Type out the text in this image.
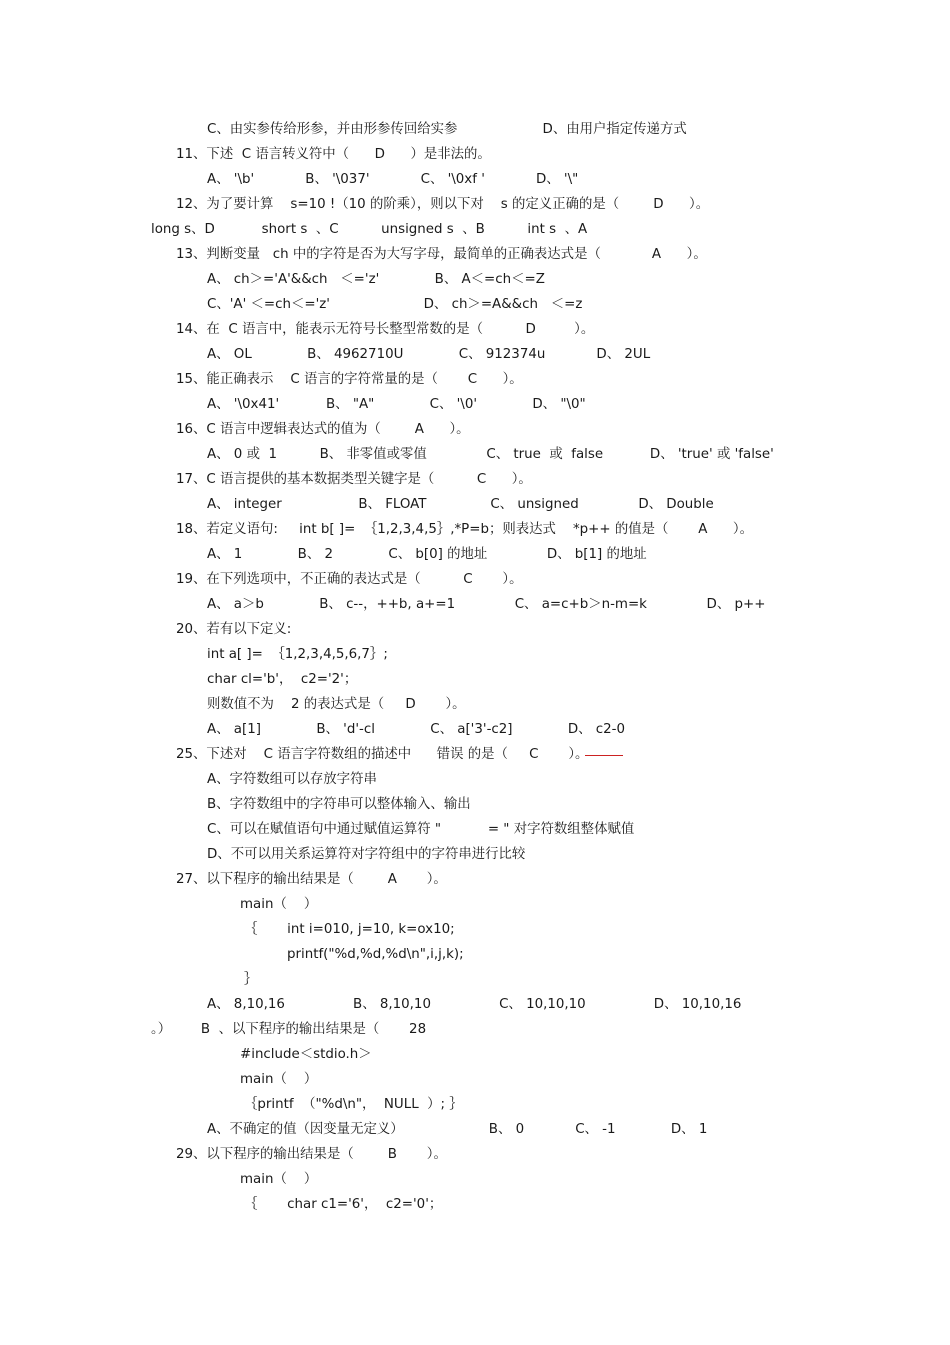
C、由实参传给形参，并由形参传回给实参                    D、由用户指定传递方式
11、下述  C 语言转义符中（      D      ）是非法的。
A、 '\b'            B、 '\037'            C、 '\0xf '            D、 '\"
12、为了要计算    s=10 !（10 的阶乘），则以下对    s 的定义正确的是（        D      ）。
long s、D           short s  、C          unsigned s  、B          int s  、A
13、判断变量   ch 中的字符是否为大写字母，最简单的正确表达式是（            A      ）。
A、 ch＞='A'&&ch   ＜='z'             B、 A＜=ch＜=Z
C、'A' ＜=ch＜='z'                      D、 ch＞=A&&ch   ＜=z
14、在  C 语言中，能表示无符号长整型常数的是（          D         ）。
A、 OL             B、 4962710U             C、 912374u            D、 2UL
15、能正确表示    C 语言的字符常量的是（       C      ）。
A、 '\0x41'           B、 "A"             C、 '\0'             D、 "\0"
16、C 语言中逻辑表达式的值为（        A      ）。
A、 0 或  1          B、 非零值或零值              C、 true  或  false           D、 'true' 或 'false'
17、C 语言提供的基本数据类型关键字是（          C      ）。
A、 integer                  B、 FLOAT               C、 unsigned              D、 Double
18、若定义语句:     int b[ ]=  ｛1,2,3,4,5｝,*P=b；则表达式    *p++ 的值是（       A      ）。
A、 1             B、 2             C、 b[0] 的地址              D、 b[1] 的地址
19、在下列选项中，不正确的表达式是（          C       ）。
A、 a＞b             B、 c--，++b, a+=1              C、 a=c+b＞n-m=k              D、 p++
20、若有以下定义:
int a[ ]=  ｛1,2,3,4,5,6,7｝;
char cl='b'，  c2='2'；
则数值不为    2 的表达式是（     D       ）。
A、 a[1]             B、 'd'-cl             C、 a['3'-c2]             D、 c2-0
25、下述对    C 语言字符数组的描述中      错误 的是（     C       ）。
A、字符数组可以存放字符串
B、字符数组中的字符串可以整体输入、输出
C、可以在赋值语句中通过赋值运算符 "           = " 对字符数组整体赋值
D、不可以用关系运算符对字符组中的字符串进行比较
27、以下程序的输出结果是（        A       ）。
main（    ）
｛       int i=010, j=10, k=ox10;
printf("%d,%d,%d\n",i,j,k);
｝
A、 8,10,16                B、 8,10,10                C、 10,10,10                D、 10,10,16
。）       B  、以下程序的输出结果是（       28
#include＜stdio.h＞
main（    ）
｛printf  （"%d\n"，  NULL  ）; ｝
A、不确定的值（因变量无定义）                    B、 0            C、 -1             D、 1
29、以下程序的输出结果是（        B       ）。
main（    ）
｛       char c1='6'，  c2='0'；
